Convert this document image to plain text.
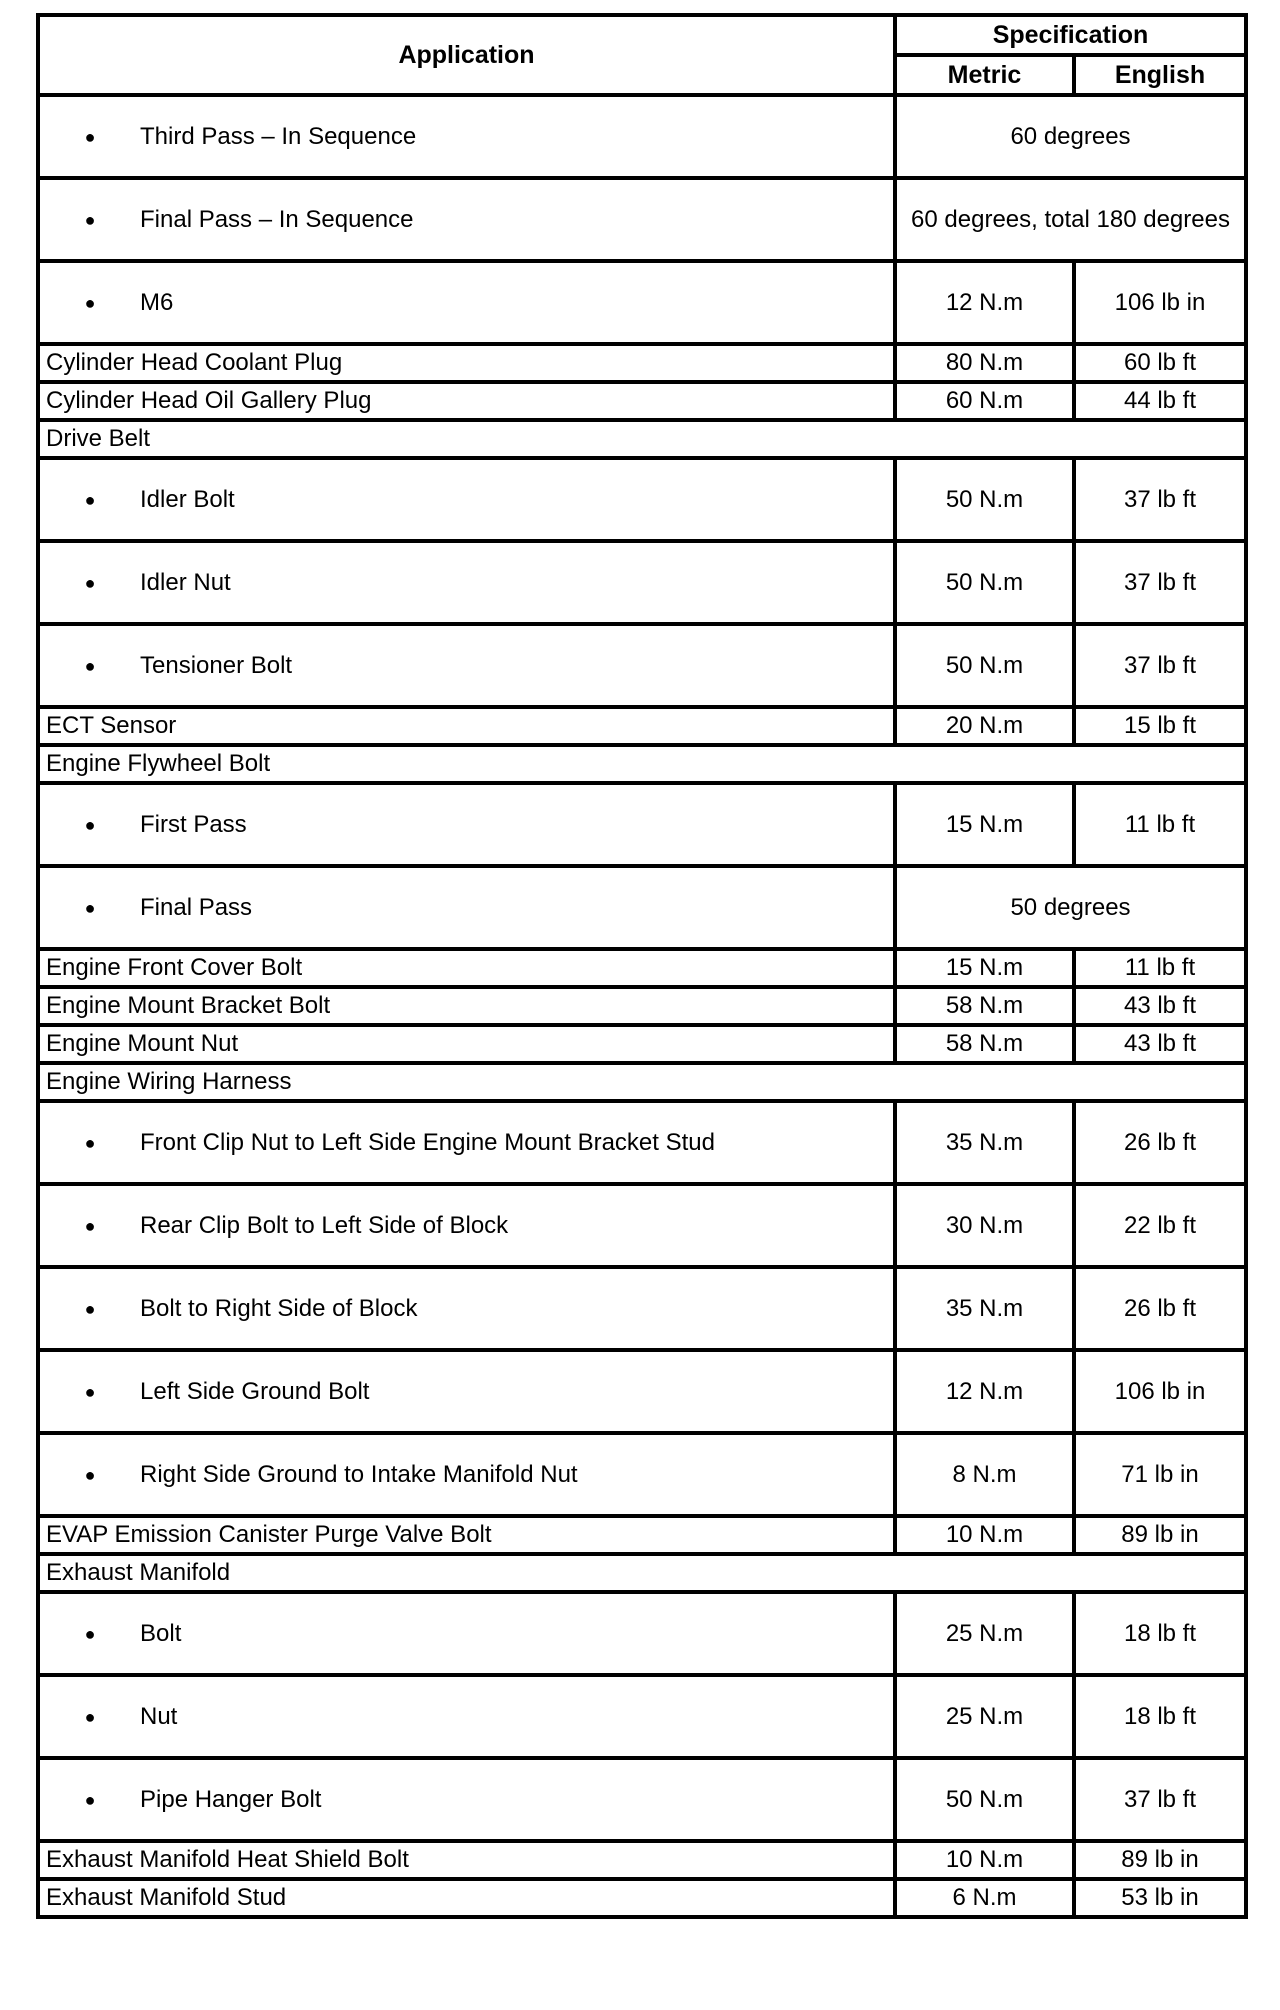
Application	Specification	
	Metric	English

● Third Pass – In Sequence	60 degrees	

● Final Pass – In Sequence	60 degrees, total 180 degrees	

● M6	12 N.m	106 lb in

Cylinder Head Coolant Plug	80 N.m	60 lb ft

Cylinder Head Oil Gallery Plug	60 N.m	44 lb ft

Drive Belt		

● Idler Bolt	50 N.m	37 lb ft

● Idler Nut	50 N.m	37 lb ft

● Tensioner Bolt	50 N.m	37 lb ft

ECT Sensor	20 N.m	15 lb ft

Engine Flywheel Bolt		

● First Pass	15 N.m	11 lb ft

● Final Pass	50 degrees	

Engine Front Cover Bolt	15 N.m	11 lb ft

Engine Mount Bracket Bolt	58 N.m	43 lb ft

Engine Mount Nut	58 N.m	43 lb ft

Engine Wiring Harness		

● Front Clip Nut to Left Side Engine Mount Bracket Stud	35 N.m	26 lb ft

● Rear Clip Bolt to Left Side of Block	30 N.m	22 lb ft

● Bolt to Right Side of Block	35 N.m	26 lb ft

● Left Side Ground Bolt	12 N.m	106 lb in

● Right Side Ground to Intake Manifold Nut	8 N.m	71 lb in

EVAP Emission Canister Purge Valve Bolt	10 N.m	89 lb in

Exhaust Manifold		

● Bolt	25 N.m	18 lb ft

● Nut	25 N.m	18 lb ft

● Pipe Hanger Bolt	50 N.m	37 lb ft

Exhaust Manifold Heat Shield Bolt	10 N.m	89 lb in

Exhaust Manifold Stud	6 N.m	53 lb in
